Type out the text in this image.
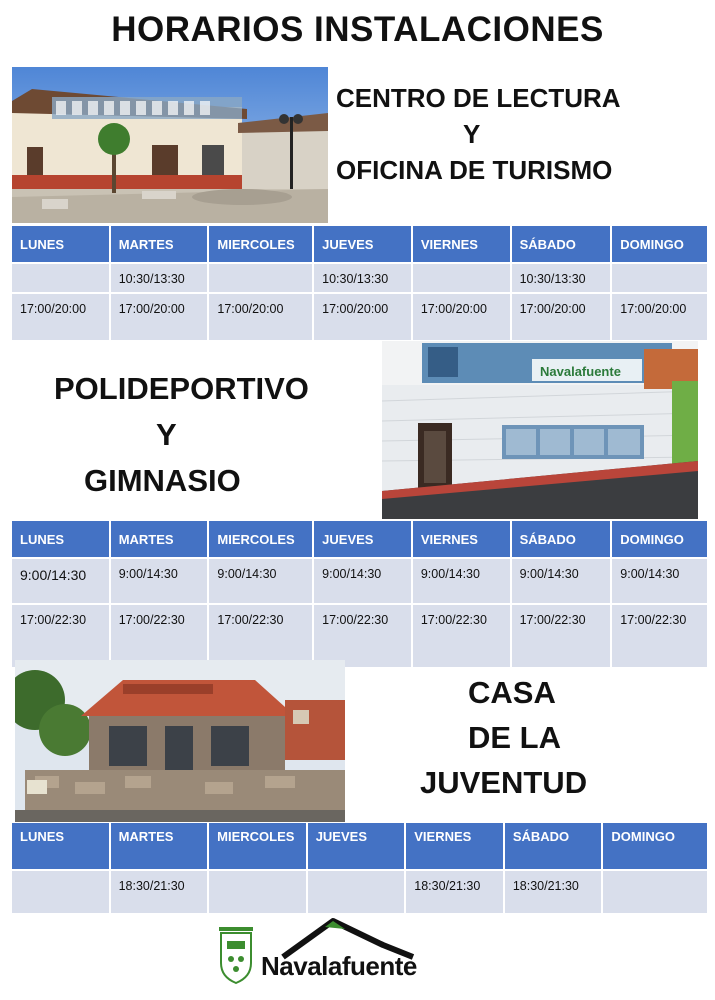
HORARIOS INSTALACIONES
CENTRO DE LECTURA
Y
OFICINA DE TURISMO
LUNES	MARTES	MIERCOLES	JUEVES	VIERNES	SÁBADO	DOMINGO

	10:30/13:30		10:30/13:30		10:30/13:30	

17:00/20:00	17:00/20:00	17:00/20:00	17:00/20:00	17:00/20:00	17:00/20:00	17:00/20:00
POLIDEPORTIVO
Y
GIMNASIO
Navalafuente
LUNES	MARTES	MIERCOLES	JUEVES	VIERNES	SÁBADO	DOMINGO

9:00/14:30	9:00/14:30	9:00/14:30	9:00/14:30	9:00/14:30	9:00/14:30	9:00/14:30

17:00/22:30	17:00/22:30	17:00/22:30	17:00/22:30	17:00/22:30	17:00/22:30	17:00/22:30
CASA
DE LA
JUVENTUD
LUNES	MARTES	MIERCOLES	JUEVES	VIERNES	SÁBADO	DOMINGO

	18:30/21:30			18:30/21:30	18:30/21:30	

Navalafuente
